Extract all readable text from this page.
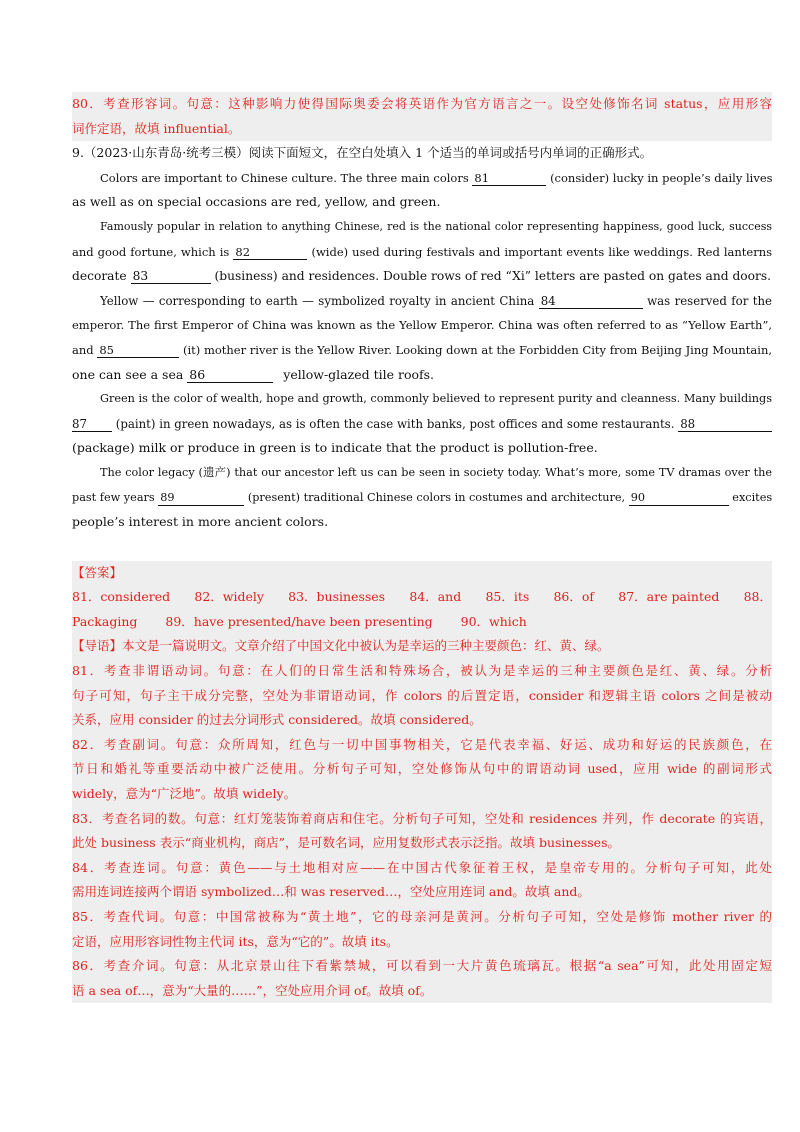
80．考查形容词。句意：这种影响力使得国际奥委会将英语作为官方语言之一。设空处修饰名词 status，应用形容
词作定语，故填 influential。
9.（2023·山东青岛·统考三模）阅读下面短文，在空白处填入 1 个适当的单词或括号内单词的正确形式。
Colors are important to Chinese culture. The three main colors 81	(consider) lucky in people’s daily lives
as well as on special occasions are red, yellow, and green.
Famously popular in relation to anything Chinese, red is the national color representing happiness, good luck, success
and good fortune, which is 82	(wide) used during festivals and important events like weddings. Red lanterns
decorate 83	(business) and residences. Double rows of red “Xi” letters are pasted on gates and doors.
Yellow — corresponding to earth — symbolized royalty in ancient China 84	was reserved for the
emperor. The first Emperor of China was known as the Yellow Emperor. China was often referred to as “Yellow Earth”,
and 85	(it) mother river is the Yellow River. Looking down at the Forbidden City from Beijing Jing Mountain,
one can see a sea 86	yellow-glazed tile roofs.
Green is the color of wealth, hope and growth, commonly believed to represent purity and cleanness. Many buildings
87 (paint) in green nowadays, as is often the case with banks, post offices and some restaurants. 88
(package) milk or produce in green is to indicate that the product is pollution-free.
The color legacy (遗产) that our ancestor left us can be seen in society today. What’s more, some TV dramas over the
past few years 89	(present) traditional Chinese colors in costumes and architecture, 90	excites
people’s interest in more ancient colors.
【答案】
81．considered 82．widely 83．businesses 84．and 85．its 86．of 87．are painted 88．
Packaging 89．have presented/have been presenting 90．which
【导语】本文是一篇说明文。文章介绍了中国文化中被认为是幸运的三种主要颜色：红、黄、绿。
81．考查非谓语动词。句意：在人们的日常生活和特殊场合，被认为是幸运的三种主要颜色是红、黄、绿。分析
句子可知，句子主干成分完整，空处为非谓语动词，作 colors 的后置定语，consider 和逻辑主语 colors 之间是被动
关系，应用 consider 的过去分词形式 considered。故填 considered。
82．考查副词。句意：众所周知，红色与一切中国事物相关，它是代表幸福、好运、成功和好运的民族颜色，在
节日和婚礼等重要活动中被广泛使用。分析句子可知，空处修饰从句中的谓语动词 used，应用 wide 的副词形式
widely，意为“广泛地”。故填 widely。
83．考查名词的数。句意：红灯笼装饰着商店和住宅。分析句子可知，空处和 residences 并列，作 decorate 的宾语，
此处 business 表示“商业机构，商店”，是可数名词，应用复数形式表示泛指。故填 businesses。
84．考查连词。句意：黄色——与土地相对应——在中国古代象征着王权，是皇帝专用的。分析句子可知，此处
需用连词连接两个谓语 symbolized…和 was reserved…，空处应用连词 and。故填 and。
85．考查代词。句意：中国常被称为“黄土地”，它的母亲河是黄河。分析句子可知，空处是修饰 mother river 的
定语，应用形容词性物主代词 its，意为“它的”。故填 its。
86．考查介词。句意：从北京景山往下看紫禁城，可以看到一大片黄色琉璃瓦。根据“a sea”可知，此处用固定短
语 a sea of…，意为“大量的……”，空处应用介词 of。故填 of。
